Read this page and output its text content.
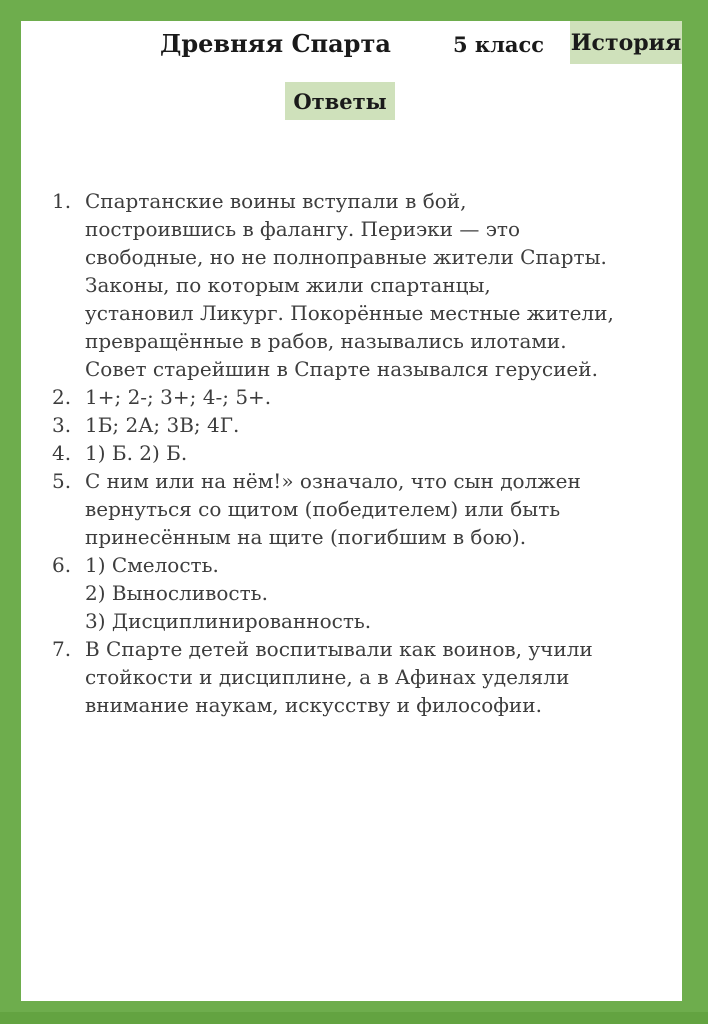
Древняя Спарта	5 класс История
Ответы
1. Спартанские воины вступали в бой,
построившись в фалангу. Периэки — это
свободные, но не полноправные жители Спарты.
Законы, по которым жили спартанцы,
установил Ликург. Покорённые местные жители,
превращённые в рабов, назывались илотами.
Совет старейшин в Спарте назывался герусией.
2. 1+; 2-; 3+; 4-; 5+.
3. 1Б; 2А; 3В; 4Г.
4. 1) Б. 2) Б.
5. С ним или на нём!» означало, что сын должен
вернуться со щитом (победителем) или быть
принесённым на щите (погибшим в бою).
6. 1) Смелость.
2) Выносливость.
3) Дисциплинированность.
7. В Спарте детей воспитывали как воинов, учили
стойкости и дисциплине, а в Афинах уделяли
внимание наукам, искусству и философии.
